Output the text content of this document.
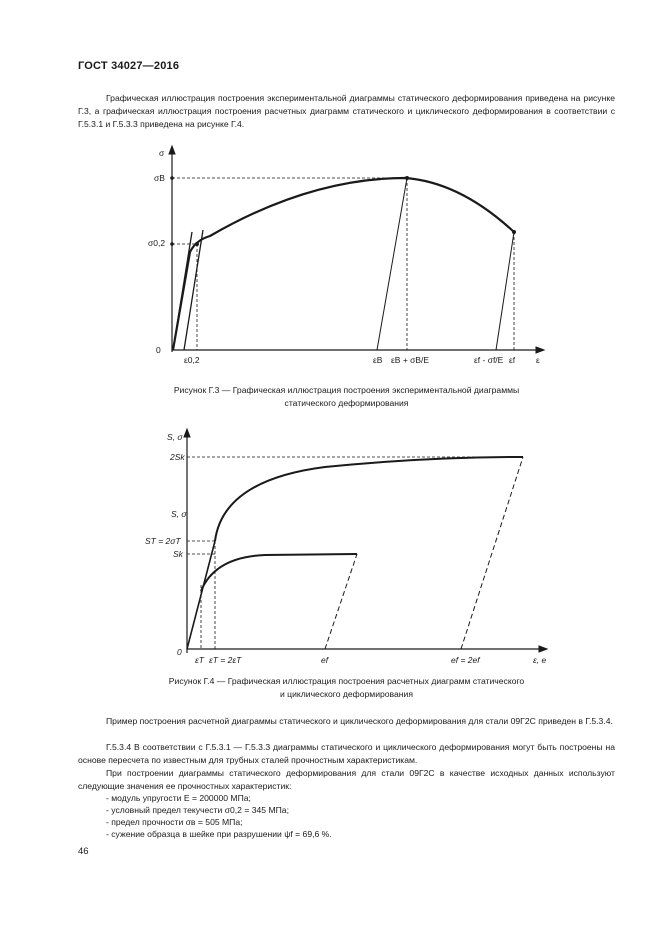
ГОСТ 34027—2016
Графическая иллюстрация построения экспериментальной диаграммы статического деформирования приведена на рисунке Г.3, а графическая иллюстрация построения расчетных диаграмм статического и циклического деформирования в соответствии с Г.5.3.1 и Г.5.3.3 приведена на рисунке Г.4.
σ
σB
σ0,2
0
ε0,2	εB εB + σB/E	εf - σf/E εf ε
Рисунок Г.3 — Графическая иллюстрация построения экспериментальной диаграммы
статического деформирования
S, σ
2Sk
S, σ
ST = 2σT
Sk
0
εT εT = 2εT	ef	ef = 2ef	ε, e
Рисунок Г.4 — Графическая иллюстрация построения расчетных диаграмм статического
и циклического деформирования
Пример построения расчетной диаграммы статического и циклического деформирования для стали 09Г2С приведен в Г.5.3.4.
Г.5.3.4 В соответствии с Г.5.3.1 — Г.5.3.3 диаграммы статического и циклического деформирования могут быть построены на основе пересчета по известным для трубных сталей прочностным характеристикам.
При построении диаграммы статического деформирования для стали 09Г2С в качестве исходных данных используют следующие значения ее прочностных характеристик:
- модуль упругости E = 200000 МПа;
- условный предел текучести σ0,2 = 345 МПа;
- предел прочности σв = 505 МПа;
- сужение образца в шейке при разрушении ψf = 69,6 %.
46
